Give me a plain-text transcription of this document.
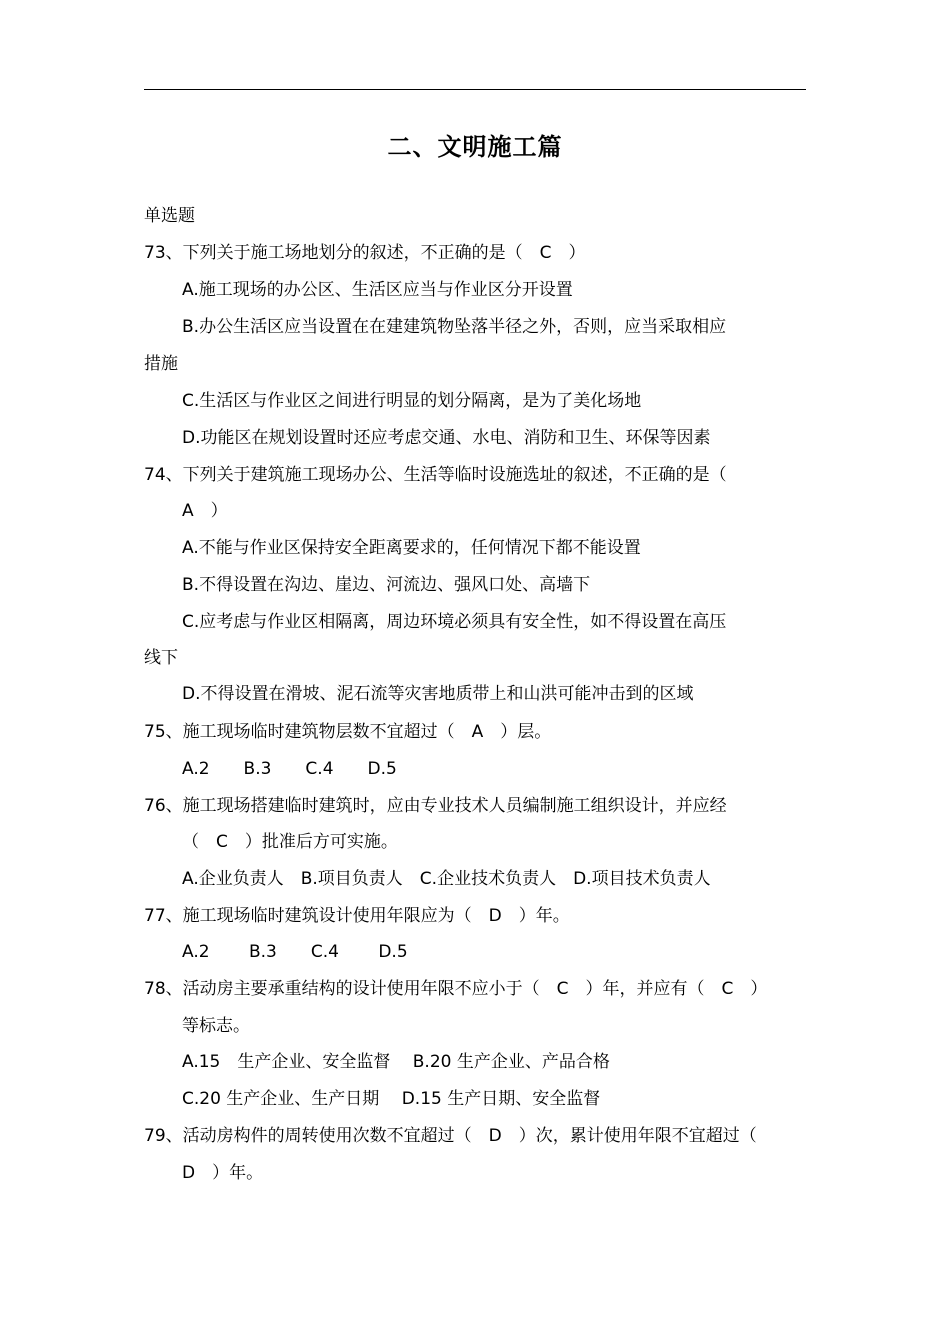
二、文明施工篇
单选题
73、下列关于施工场地划分的叙述，不正确的是（　C　）
A.施工现场的办公区、生活区应当与作业区分开设置
B.办公生活区应当设置在在建建筑物坠落半径之外，否则，应当采取相应
措施
C.生活区与作业区之间进行明显的划分隔离，是为了美化场地
D.功能区在规划设置时还应考虑交通、水电、消防和卫生、环保等因素
74、下列关于建筑施工现场办公、生活等临时设施选址的叙述，不正确的是（
A　）
A.不能与作业区保持安全距离要求的，任何情况下都不能设置
B.不得设置在沟边、崖边、河流边、强风口处、高墙下
C.应考虑与作业区相隔离，周边环境必须具有安全性，如不得设置在高压
线下
D.不得设置在滑坡、泥石流等灾害地质带上和山洪可能冲击到的区域
75、施工现场临时建筑物层数不宜超过（　A　）层。
A.2　　B.3　　C.4　　D.5
76、施工现场搭建临时建筑时，应由专业技术人员编制施工组织设计，并应经
（　C　）批准后方可实施。
A.企业负责人　B.项目负责人　C.企业技术负责人　D.项目技术负责人
77、施工现场临时建筑设计使用年限应为（　D　）年。
A.2　　 B.3　　C.4　　 D.5
78、活动房主要承重结构的设计使用年限不应小于（　C　）年，并应有（　C　）
等标志。
A.15　生产企业、安全监督　 B.20 生产企业、产品合格
C.20 生产企业、生产日期　 D.15 生产日期、安全监督
79、活动房构件的周转使用次数不宜超过（　D　）次，累计使用年限不宜超过（
D　）年。
